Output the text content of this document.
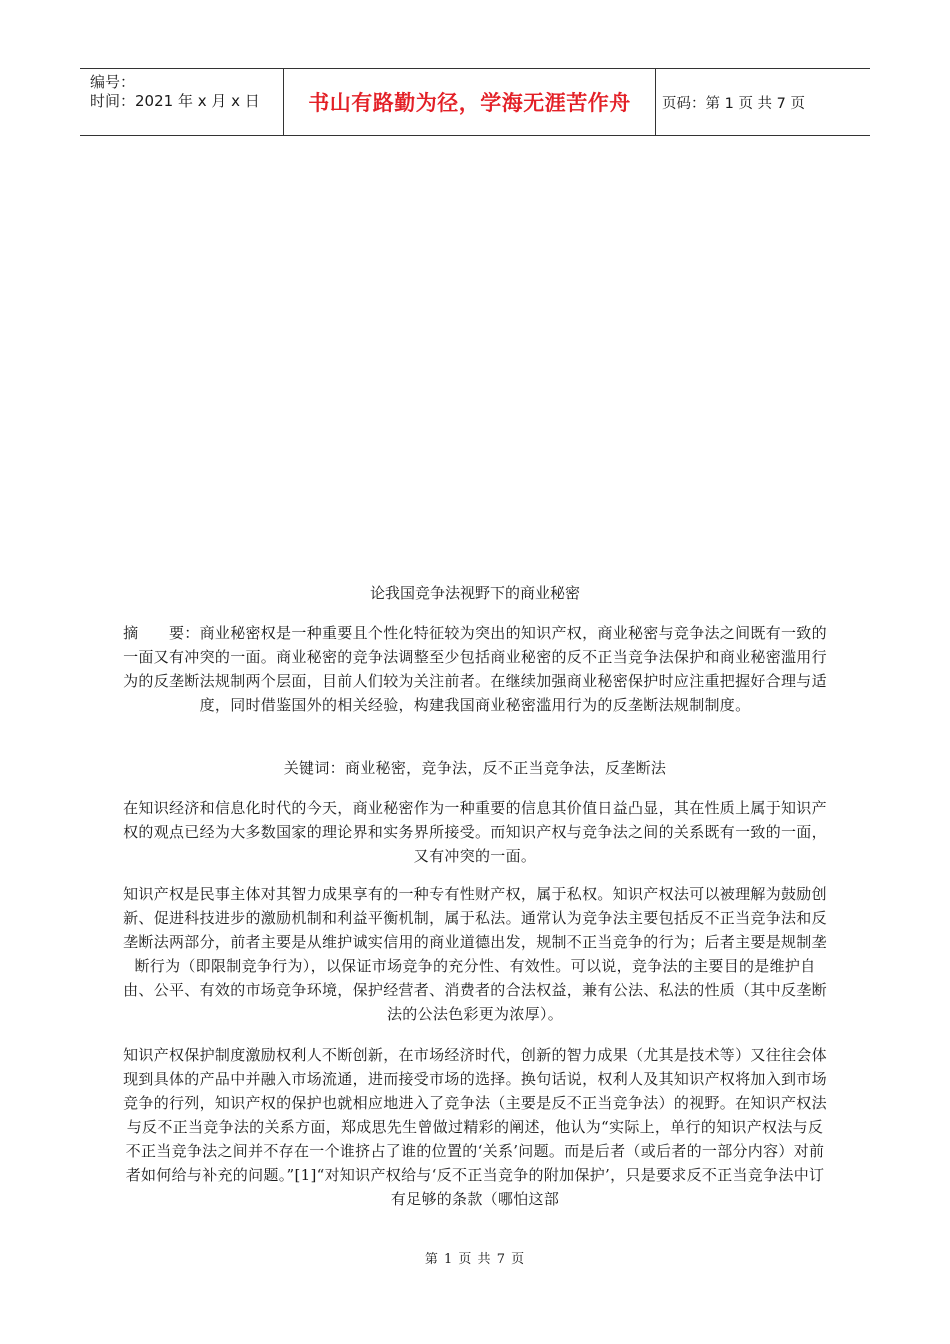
编号：
时间：2021 年 x 月 x 日	书山有路勤为径，学海无涯苦作舟	页码：第 1 页 共 7 页
论我国竞争法视野下的商业秘密

摘　　要：商业秘密权是一种重要且个性化特征较为突出的知识产权，商业秘密与竞争法之间既有一致的一面又有冲突的一面。商业秘密的竞争法调整至少包括商业秘密的反不正当竞争法保护和商业秘密滥用行为的反垄断法规制两个层面，目前人们较为关注前者。在继续加强商业秘密保护时应注重把握好合理与适度，同时借鉴国外的相关经验，构建我国商业秘密滥用行为的反垄断法规制制度。

关键词：商业秘密，竞争法，反不正当竞争法，反垄断法

在知识经济和信息化时代的今天，商业秘密作为一种重要的信息其价值日益凸显，其在性质上属于知识产权的观点已经为大多数国家的理论界和实务界所接受。而知识产权与竞争法之间的关系既有一致的一面，又有冲突的一面。

知识产权是民事主体对其智力成果享有的一种专有性财产权，属于私权。知识产权法可以被理解为鼓励创新、促进科技进步的激励机制和利益平衡机制，属于私法。通常认为竞争法主要包括反不正当竞争法和反垄断法两部分，前者主要是从维护诚实信用的商业道德出发，规制不正当竞争的行为；后者主要是规制垄断行为（即限制竞争行为），以保证市场竞争的充分性、有效性。可以说，竞争法的主要目的是维护自由、公平、有效的市场竞争环境，保护经营者、消费者的合法权益，兼有公法、私法的性质（其中反垄断法的公法色彩更为浓厚）。

知识产权保护制度激励权利人不断创新，在市场经济时代，创新的智力成果（尤其是技术等）又往往会体现到具体的产品中并融入市场流通，进而接受市场的选择。换句话说，权利人及其知识产权将加入到市场竞争的行列，知识产权的保护也就相应地进入了竞争法（主要是反不正当竞争法）的视野。在知识产权法与反不正当竞争法的关系方面，郑成思先生曾做过精彩的阐述，他认为“实际上，单行的知识产权法与反不正当竞争法之间并不存在一个谁挤占了谁的位置的‘关系’问题。而是后者（或后者的一部分内容）对前者如何给与补充的问题。”[1]“对知识产权给与‘反不正当竞争的附加保护’，只是要求反不正当竞争法中订有足够的条款（哪怕这部

第 1 页 共 7 页
